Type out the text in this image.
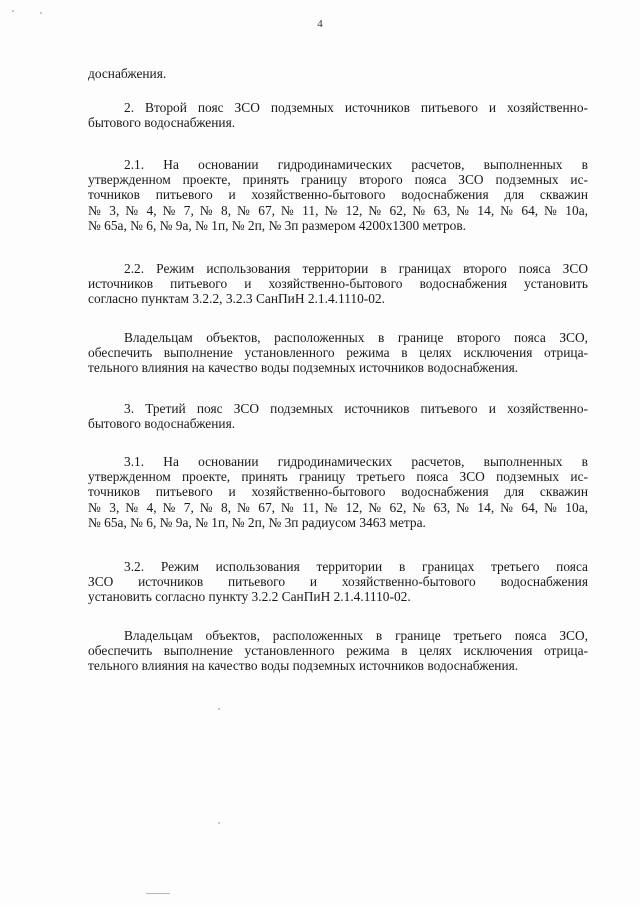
4
доснабжения.
2. Второй пояс ЗСО подземных источников питьевого и хозяйственно-
бытового водоснабжения.
2.1. На основании гидродинамических расчетов, выполненных в
утвержденном проекте, принять границу второго пояса ЗСО подземных ис-
точников питьевого и хозяйственно-бытового водоснабжения для скважин
№ 3, № 4, № 7, № 8, № 67, № 11, № 12, № 62, № 63, № 14, № 64, № 10а,
№ 65а, № 6, № 9а, № 1п, № 2п, № 3п размером 4200х1300 метров.
2.2. Режим использования территории в границах второго пояса ЗСО
источников питьевого и хозяйственно-бытового водоснабжения установить
согласно пунктам 3.2.2, 3.2.3 СанПиН 2.1.4.1110-02.
Владельцам объектов, расположенных в границе второго пояса ЗСО,
обеспечить выполнение установленного режима в целях исключения отрица-
тельного влияния на качество воды подземных источников водоснабжения.
3. Третий пояс ЗСО подземных источников питьевого и хозяйственно-
бытового водоснабжения.
3.1. На основании гидродинамических расчетов, выполненных в
утвержденном проекте, принять границу третьего пояса ЗСО подземных ис-
точников питьевого и хозяйственно-бытового водоснабжения для скважин
№ 3, № 4, № 7, № 8, № 67, № 11, № 12, № 62, № 63, № 14, № 64, № 10а,
№ 65а, № 6, № 9а, № 1п, № 2п, № 3п радиусом 3463 метра.
3.2. Режим использования территории в границах третьего пояса
ЗСО источников питьевого и хозяйственно-бытового водоснабжения
установить согласно пункту 3.2.2 СанПиН 2.1.4.1110-02.
Владельцам объектов, расположенных в границе третьего пояса ЗСО,
обеспечить выполнение установленного режима в целях исключения отрица-
тельного влияния на качество воды подземных источников водоснабжения.
